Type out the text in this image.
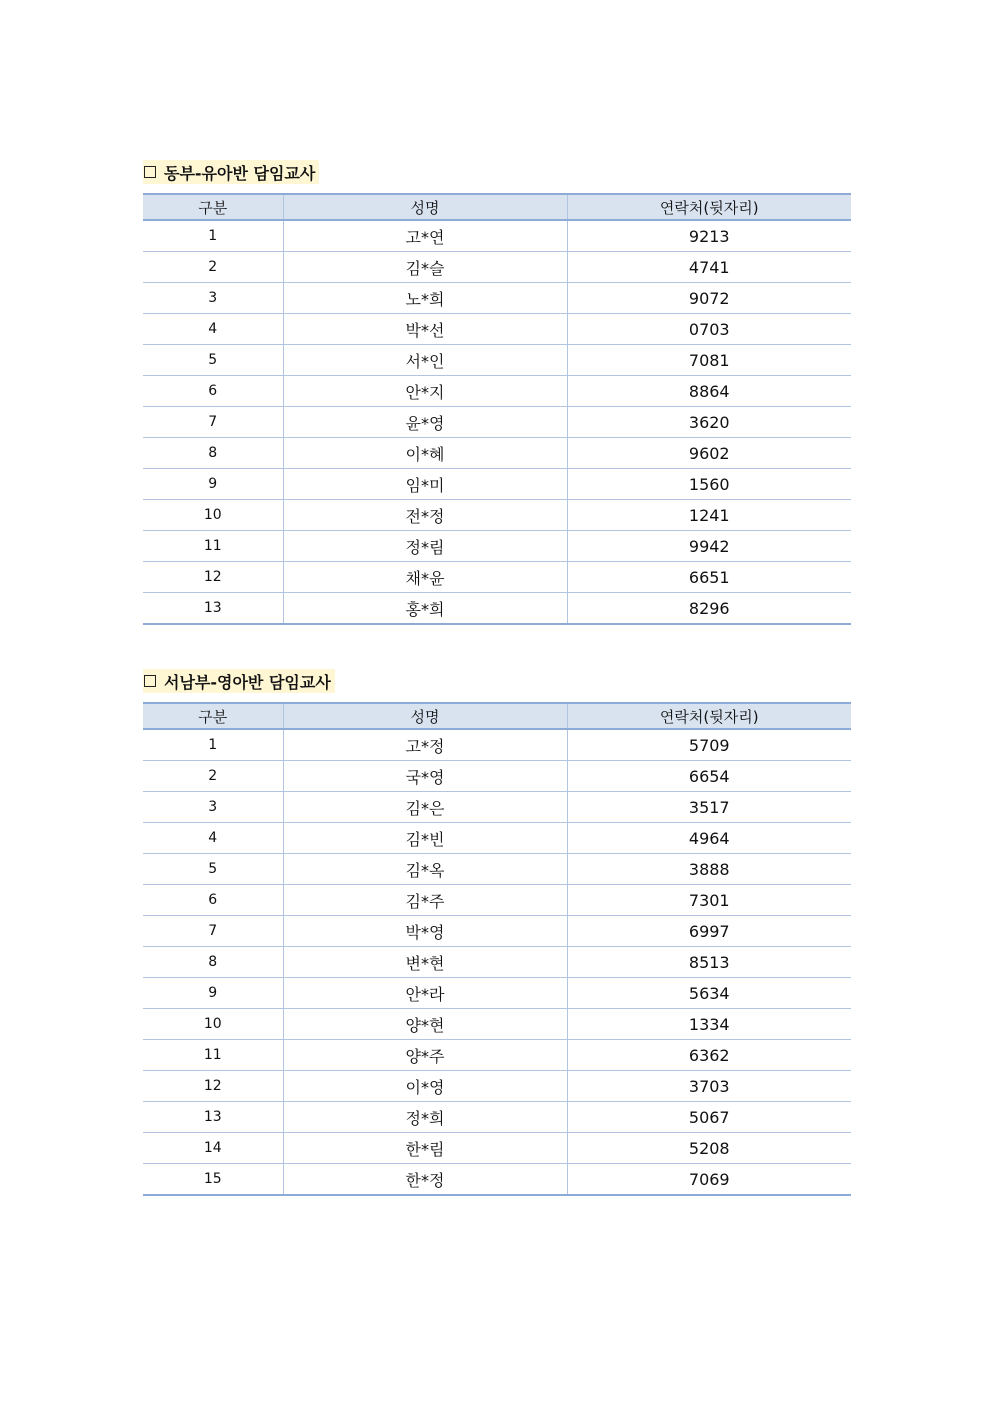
동부-유아반 담임교사
구분	성명	연락처(뒷자리)
1	고*연	9213
2	김*슬	4741
3	노*희	9072
4	박*선	0703
5	서*인	7081
6	안*지	8864
7	윤*영	3620
8	이*혜	9602
9	임*미	1560
10	전*정	1241
11	정*림	9942
12	채*윤	6651
13	홍*희	8296
서남부-영아반 담임교사
구분	성명	연락처(뒷자리)
1	고*정	5709
2	국*영	6654
3	김*은	3517
4	김*빈	4964
5	김*옥	3888
6	김*주	7301
7	박*영	6997
8	변*현	8513
9	안*라	5634
10	양*현	1334
11	양*주	6362
12	이*영	3703
13	정*희	5067
14	한*림	5208
15	한*정	7069
